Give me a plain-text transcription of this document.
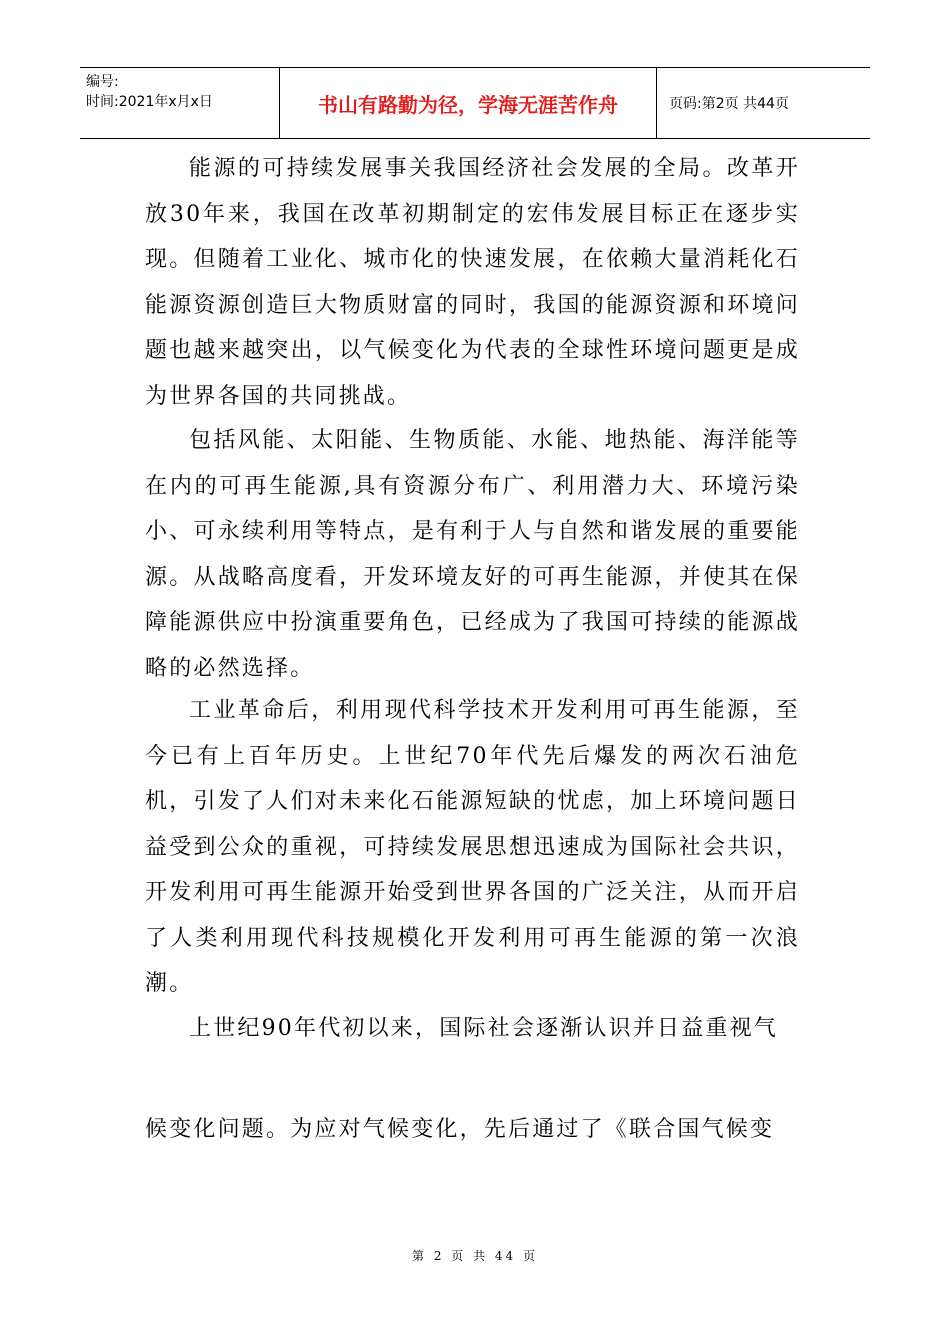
编号:
时间:2021年x月x日	书山有路勤为径，学海无涯苦作舟	页码:第2页 共44页

能源的可持续发展事关我国经济社会发展的全局。改革开放30年来，我国在改革初期制定的宏伟发展目标正在逐步实现。但随着工业化、城市化的快速发展，在依赖大量消耗化石能源资源创造巨大物质财富的同时，我国的能源资源和环境问题也越来越突出，以气候变化为代表的全球性环境问题更是成为世界各国的共同挑战。

包括风能、太阳能、生物质能、水能、地热能、海洋能等在内的可再生能源,具有资源分布广、利用潜力大、环境污染小、可永续利用等特点，是有利于人与自然和谐发展的重要能源。从战略高度看，开发环境友好的可再生能源，并使其在保障能源供应中扮演重要角色，已经成为了我国可持续的能源战略的必然选择。

工业革命后，利用现代科学技术开发利用可再生能源，至今已有上百年历史。上世纪70年代先后爆发的两次石油危机，引发了人们对未来化石能源短缺的忧虑，加上环境问题日益受到公众的重视，可持续发展思想迅速成为国际社会共识，开发利用可再生能源开始受到世界各国的广泛关注，从而开启了人类利用现代科技规模化开发利用可再生能源的第一次浪潮。

上世纪90年代初以来，国际社会逐渐认识并日益重视气

候变化问题。为应对气候变化，先后通过了《联合国气候变

第 2 页 共 44 页
